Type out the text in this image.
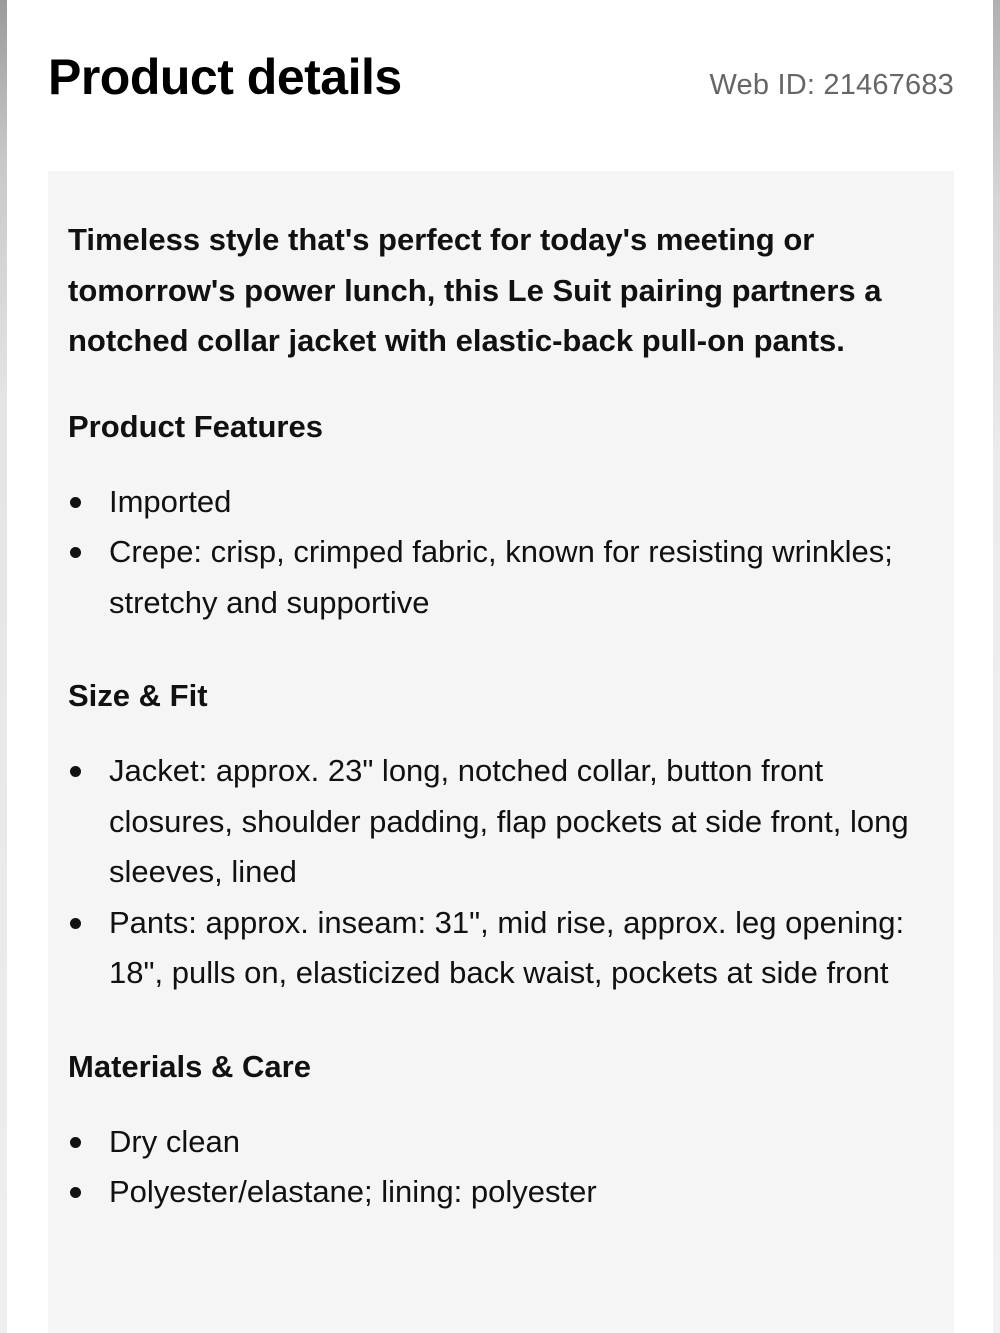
Product details	Web ID: 21467683

Timeless style that's perfect for today's meeting or tomorrow's power lunch, this Le Suit pairing partners a notched collar jacket with elastic-back pull-on pants.

Product Features
Imported
Crepe: crisp, crimped fabric, known for resisting wrinkles; stretchy and supportive
Size & Fit
Jacket: approx. 23" long, notched collar, button front closures, shoulder padding, flap pockets at side front, long sleeves, lined
Pants: approx. inseam: 31", mid rise, approx. leg opening: 18", pulls on, elasticized back waist, pockets at side front
Materials & Care
Dry clean
Polyester/elastane; lining: polyester
